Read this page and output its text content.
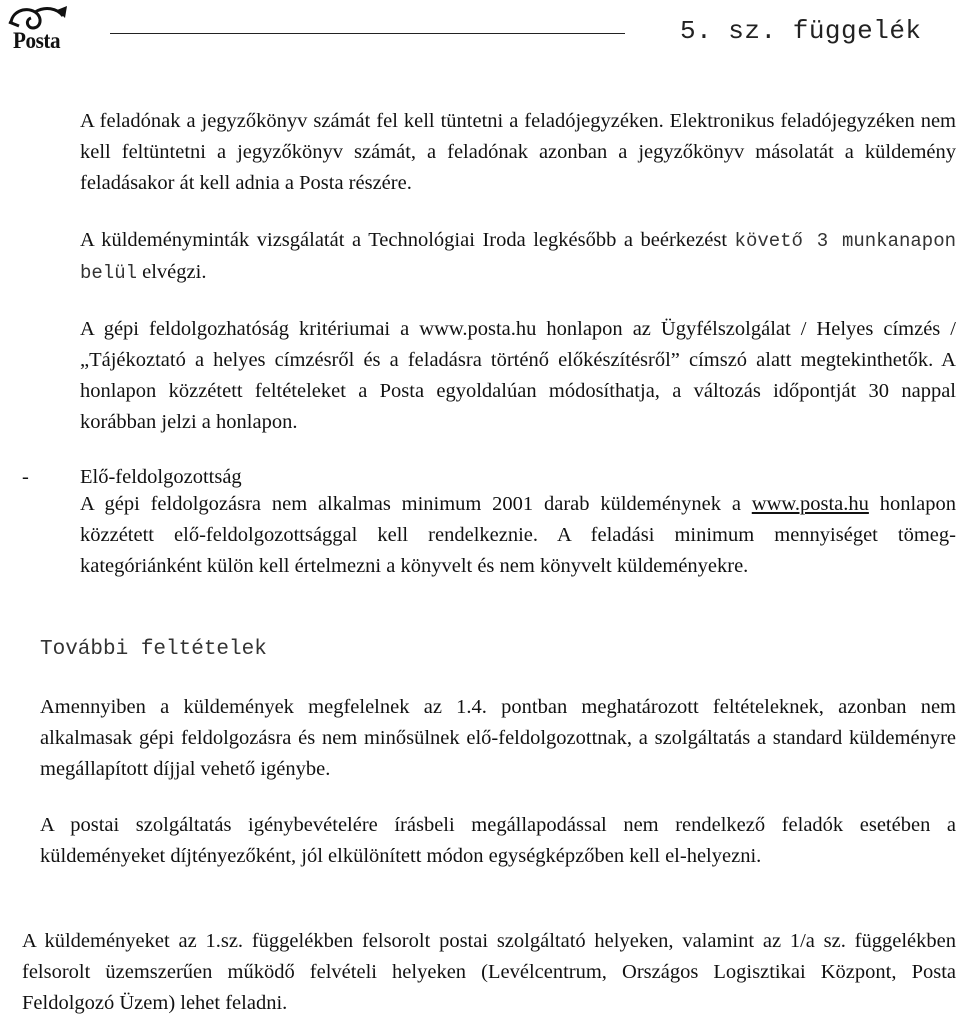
Posta	5. sz. függelék

A feladónak a jegyzőkönyv számát fel kell tüntetni a feladójegyzéken. Elektronikus feladójegyzéken nem kell feltüntetni a jegyzőkönyv számát, a feladónak azonban a jegyzőkönyv másolatát a küldemény feladásakor át kell adnia a Posta részére.

A küldeményminták vizsgálatát a Technológiai Iroda legkésőbb a beérkezést követő 3 munkanapon belül elvégzi.

A gépi feldolgozhatóság kritériumai a www.posta.hu honlapon az Ügyfélszolgálat / Helyes címzés / „Tájékoztató a helyes címzésről és a feladásra történő előkészítésről” címszó alatt megtekinthetők. A honlapon közzétett feltételeket a Posta egyoldalúan módosíthatja, a változás időpontját 30 nappal korábban jelzi a honlapon.

- Elő-feldolgozottság

A gépi feldolgozásra nem alkalmas minimum 2001 darab küldeménynek a www.posta.hu honlapon közzétett elő-feldolgozottsággal kell rendelkeznie. A feladási minimum mennyiséget tömeg-kategóriánként külön kell értelmezni a könyvelt és nem könyvelt küldeményekre.

További feltételek

Amennyiben a küldemények megfelelnek az 1.4. pontban meghatározott feltételeknek, azonban nem alkalmasak gépi feldolgozásra és nem minősülnek elő-feldolgozottnak, a szolgáltatás a standard küldeményre megállapított díjjal vehető igénybe.

A postai szolgáltatás igénybevételére írásbeli megállapodással nem rendelkező feladók esetében a küldeményeket díjtényezőként, jól elkülönített módon egységképzőben kell el-helyezni.

A küldeményeket az 1.sz. függelékben felsorolt postai szolgáltató helyeken, valamint az 1/a sz. függelékben felsorolt üzemszerűen működő felvételi helyeken (Levélcentrum, Országos Logisztikai Központ, Posta Feldolgozó Üzem) lehet feladni.
